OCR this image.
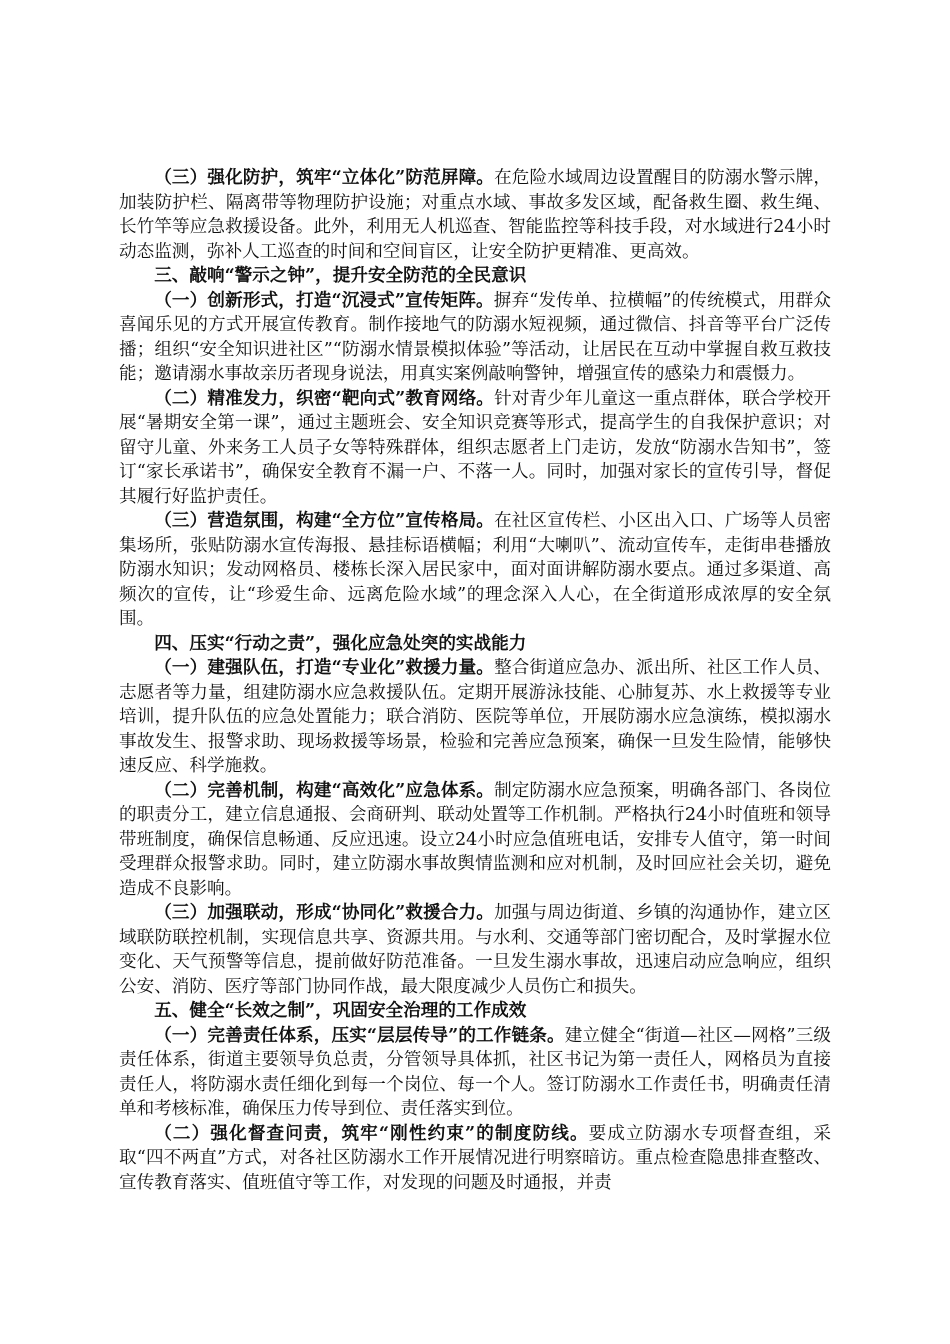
（三）强化防护，筑牢“立体化”防范屏障。在危险水域周边设置醒目的防溺水警示牌，加装防护栏、隔离带等物理防护设施；对重点水域、事故多发区域，配备救生圈、救生绳、长竹竿等应急救援设备。此外，利用无人机巡查、智能监控等科技手段，对水域进行24小时动态监测，弥补人工巡查的时间和空间盲区，让安全防护更精准、更高效。

三、敲响“警示之钟”，提升安全防范的全民意识

（一）创新形式，打造“沉浸式”宣传矩阵。摒弃“发传单、拉横幅”的传统模式，用群众喜闻乐见的方式开展宣传教育。制作接地气的防溺水短视频，通过微信、抖音等平台广泛传播；组织“安全知识进社区”“防溺水情景模拟体验”等活动，让居民在互动中掌握自救互救技能；邀请溺水事故亲历者现身说法，用真实案例敲响警钟，增强宣传的感染力和震慑力。

（二）精准发力，织密“靶向式”教育网络。针对青少年儿童这一重点群体，联合学校开展“暑期安全第一课”，通过主题班会、安全知识竞赛等形式，提高学生的自我保护意识；对留守儿童、外来务工人员子女等特殊群体，组织志愿者上门走访，发放“防溺水告知书”，签订“家长承诺书”，确保安全教育不漏一户、不落一人。同时，加强对家长的宣传引导，督促其履行好监护责任。

（三）营造氛围，构建“全方位”宣传格局。在社区宣传栏、小区出入口、广场等人员密集场所，张贴防溺水宣传海报、悬挂标语横幅；利用“大喇叭”、流动宣传车，走街串巷播放防溺水知识；发动网格员、楼栋长深入居民家中，面对面讲解防溺水要点。通过多渠道、高频次的宣传，让“珍爱生命、远离危险水域”的理念深入人心，在全街道形成浓厚的安全氛围。

四、压实“行动之责”，强化应急处突的实战能力

（一）建强队伍，打造“专业化”救援力量。整合街道应急办、派出所、社区工作人员、志愿者等力量，组建防溺水应急救援队伍。定期开展游泳技能、心肺复苏、水上救援等专业培训，提升队伍的应急处置能力；联合消防、医院等单位，开展防溺水应急演练，模拟溺水事故发生、报警求助、现场救援等场景，检验和完善应急预案，确保一旦发生险情，能够快速反应、科学施救。

（二）完善机制，构建“高效化”应急体系。制定防溺水应急预案，明确各部门、各岗位的职责分工，建立信息通报、会商研判、联动处置等工作机制。严格执行24小时值班和领导带班制度，确保信息畅通、反应迅速。设立24小时应急值班电话，安排专人值守，第一时间受理群众报警求助。同时，建立防溺水事故舆情监测和应对机制，及时回应社会关切，避免造成不良影响。

（三）加强联动，形成“协同化”救援合力。加强与周边街道、乡镇的沟通协作，建立区域联防联控机制，实现信息共享、资源共用。与水利、交通等部门密切配合，及时掌握水位变化、天气预警等信息，提前做好防范准备。一旦发生溺水事故，迅速启动应急响应，组织公安、消防、医疗等部门协同作战，最大限度减少人员伤亡和损失。

五、健全“长效之制”，巩固安全治理的工作成效

（一）完善责任体系，压实“层层传导”的工作链条。建立健全“街道—社区—网格”三级责任体系，街道主要领导负总责，分管领导具体抓，社区书记为第一责任人，网格员为直接责任人，将防溺水责任细化到每一个岗位、每一个人。签订防溺水工作责任书，明确责任清单和考核标准，确保压力传导到位、责任落实到位。

（二）强化督查问责，筑牢“刚性约束”的制度防线。要成立防溺水专项督查组，采取“四不两直”方式，对各社区防溺水工作开展情况进行明察暗访。重点检查隐患排查整改、宣传教育落实、值班值守等工作，对发现的问题及时通报，并责
